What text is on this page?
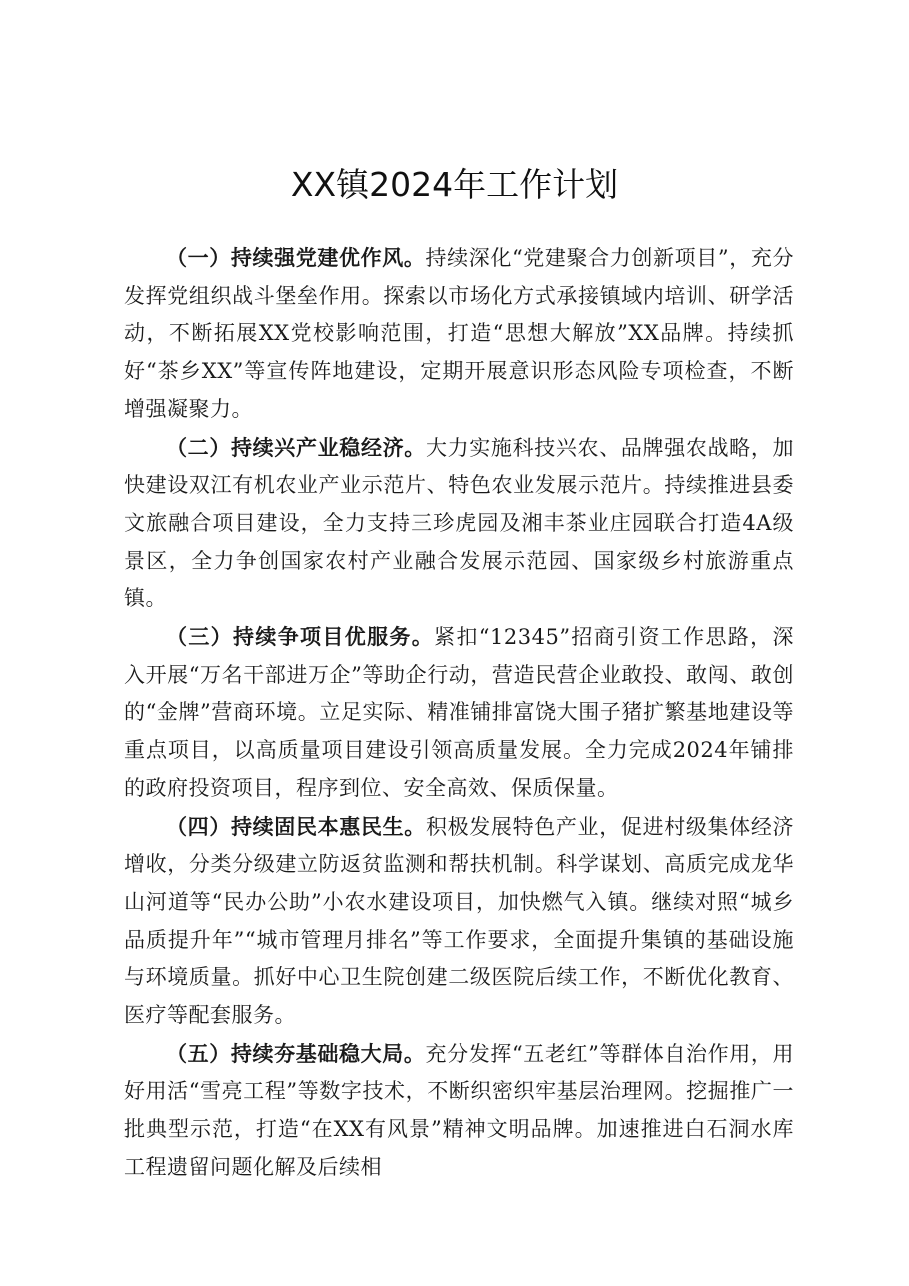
XX镇2024年工作计划

（一）持续强党建优作风。持续深化“党建聚合力创新项目”，充分发挥党组织战斗堡垒作用。探索以市场化方式承接镇域内培训、研学活动，不断拓展XX党校影响范围，打造“思想大解放”XX品牌。持续抓好“茶乡XX”等宣传阵地建设，定期开展意识形态风险专项检查，不断增强凝聚力。

（二）持续兴产业稳经济。大力实施科技兴农、品牌强农战略，加快建设双江有机农业产业示范片、特色农业发展示范片。持续推进县委文旅融合项目建设，全力支持三珍虎园及湘丰茶业庄园联合打造4A级景区，全力争创国家农村产业融合发展示范园、国家级乡村旅游重点镇。

（三）持续争项目优服务。紧扣“12345”招商引资工作思路，深入开展“万名干部进万企”等助企行动，营造民营企业敢投、敢闯、敢创的“金牌”营商环境。立足实际、精准铺排富饶大围子猪扩繁基地建设等重点项目，以高质量项目建设引领高质量发展。全力完成2024年铺排的政府投资项目，程序到位、安全高效、保质保量。

（四）持续固民本惠民生。积极发展特色产业，促进村级集体经济增收，分类分级建立防返贫监测和帮扶机制。科学谋划、高质完成龙华山河道等“民办公助”小农水建设项目，加快燃气入镇。继续对照“城乡品质提升年”“城市管理月排名”等工作要求，全面提升集镇的基础设施与环境质量。抓好中心卫生院创建二级医院后续工作，不断优化教育、医疗等配套服务。

（五）持续夯基础稳大局。充分发挥“五老红”等群体自治作用，用好用活“雪亮工程”等数字技术，不断织密织牢基层治理网。挖掘推广一批典型示范，打造“在XX有风景”精神文明品牌。加速推进白石洞水库工程遗留问题化解及后续相
